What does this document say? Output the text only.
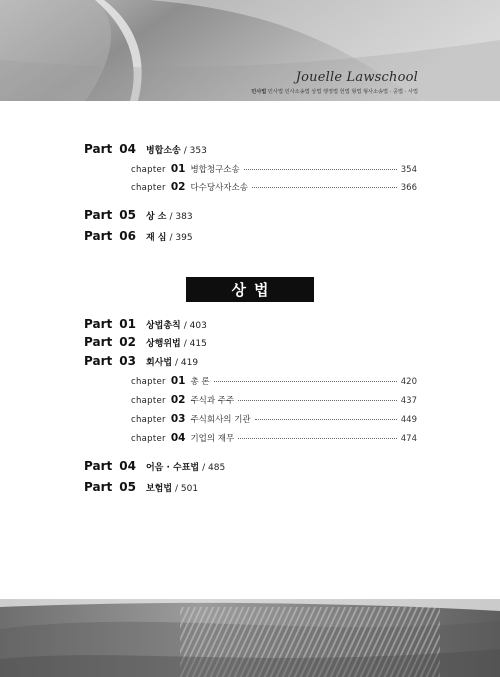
Jouelle Lawschool
민사법 민사법 민사소송법 상법 행정법 헌법 형법 형사소송법 · 공법 · 사법
Part 04 병합소송 / 353
chapter 01 병합청구소송	354
chapter 02 다수당사자소송	366
Part 05 상 소 / 383
Part 06 재 심 / 395
상법
Part 01 상법총칙 / 403
Part 02 상행위법 / 415
Part 03 회사법 / 419
chapter 01 총 론	420
chapter 02 주식과 주주	437
chapter 03 주식회사의 기관	449
chapter 04 기업의 재무	474
Part 04 어음 · 수표법 / 485
Part 05 보험법 / 501
